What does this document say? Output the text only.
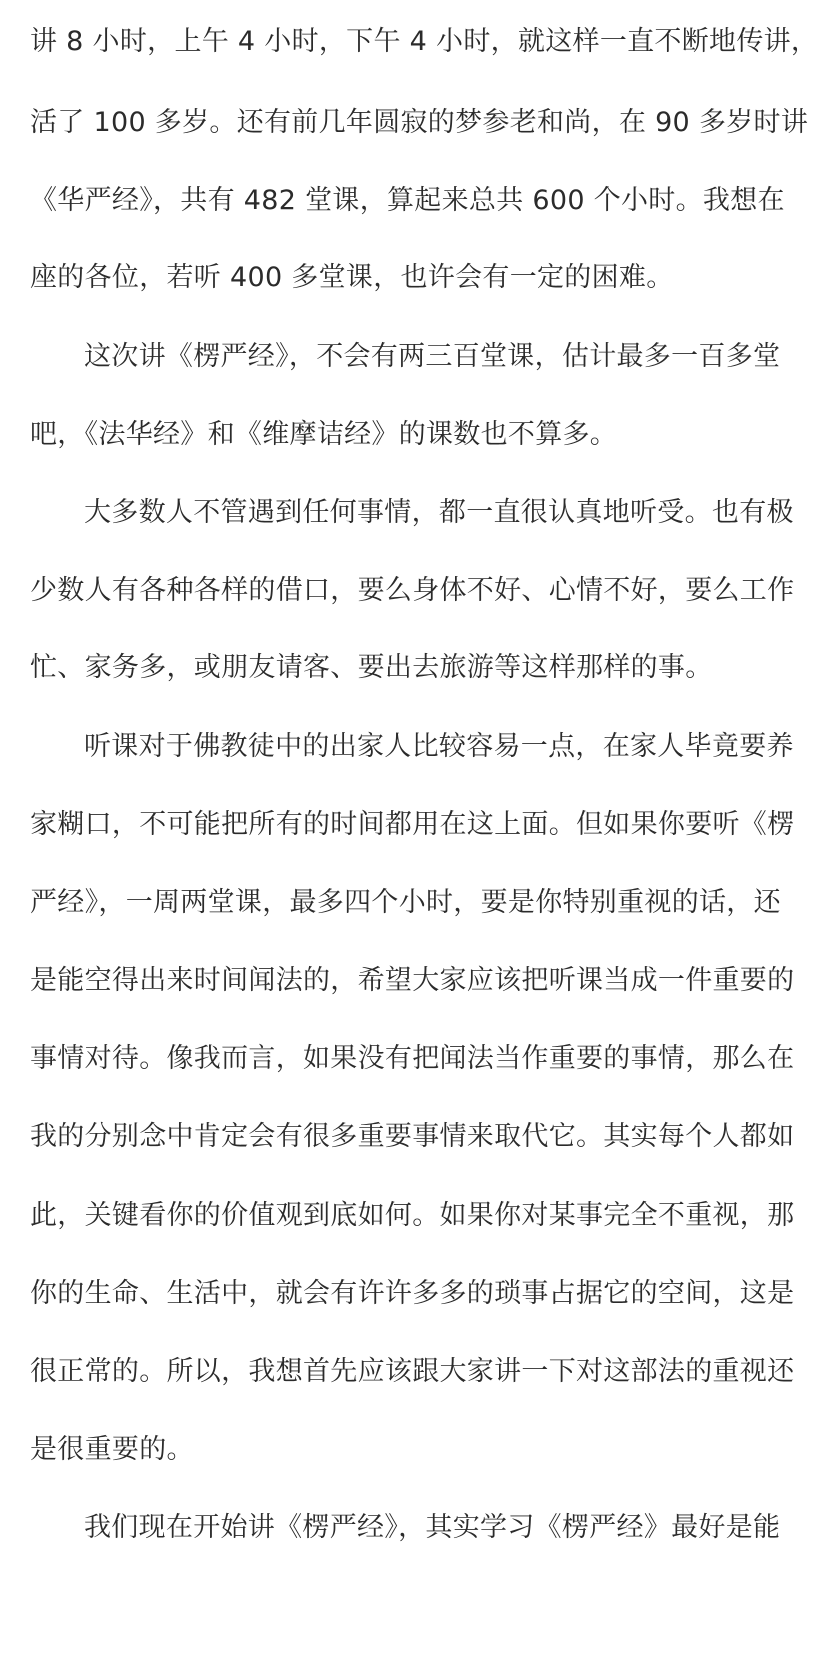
讲 8 小时，上午 4 小时，下午 4 小时，就这样一直不断地传讲，
活了 100 多岁。还有前几年圆寂的梦参老和尚，在 90 多岁时讲
《华严经》，共有 482 堂课，算起来总共 600 个小时。我想在
座的各位，若听 400 多堂课，也许会有一定的困难。
这次讲《楞严经》，不会有两三百堂课，估计最多一百多堂
吧，《法华经》和《维摩诘经》的课数也不算多。
大多数人不管遇到任何事情，都一直很认真地听受。也有极
少数人有各种各样的借口，要么身体不好、心情不好，要么工作
忙、家务多，或朋友请客、要出去旅游等这样那样的事。
听课对于佛教徒中的出家人比较容易一点，在家人毕竟要养
家糊口，不可能把所有的时间都用在这上面。但如果你要听《楞
严经》，一周两堂课，最多四个小时，要是你特别重视的话，还
是能空得出来时间闻法的，希望大家应该把听课当成一件重要的
事情对待。像我而言，如果没有把闻法当作重要的事情，那么在
我的分别念中肯定会有很多重要事情来取代它。其实每个人都如
此，关键看你的价值观到底如何。如果你对某事完全不重视，那
你的生命、生活中，就会有许许多多的琐事占据它的空间，这是
很正常的。所以，我想首先应该跟大家讲一下对这部法的重视还
是很重要的。
我们现在开始讲《楞严经》，其实学习《楞严经》最好是能
